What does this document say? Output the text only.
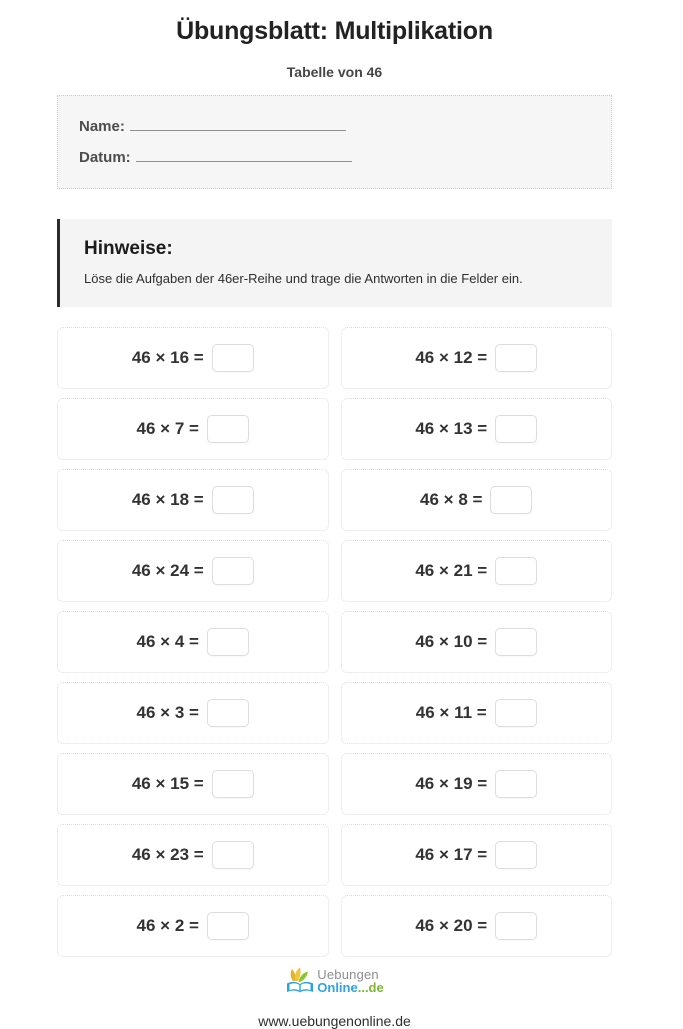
Übungsblatt: Multiplikation
Tabelle von 46
Name:
Datum:
Hinweise:

Löse die Aufgaben der 46er-Reihe und trage die Antworten in die Felder ein.

46 × 16 =	46 × 12 =
46 × 7 =	46 × 13 =
46 × 18 =	46 × 8 =
46 × 24 =	46 × 21 =
46 × 4 =	46 × 10 =
46 × 3 =	46 × 11 =
46 × 15 =	46 × 19 =
46 × 23 =	46 × 17 =
46 × 2 =	46 × 20 =
Uebungen
Online...de
www.uebungenonline.de
